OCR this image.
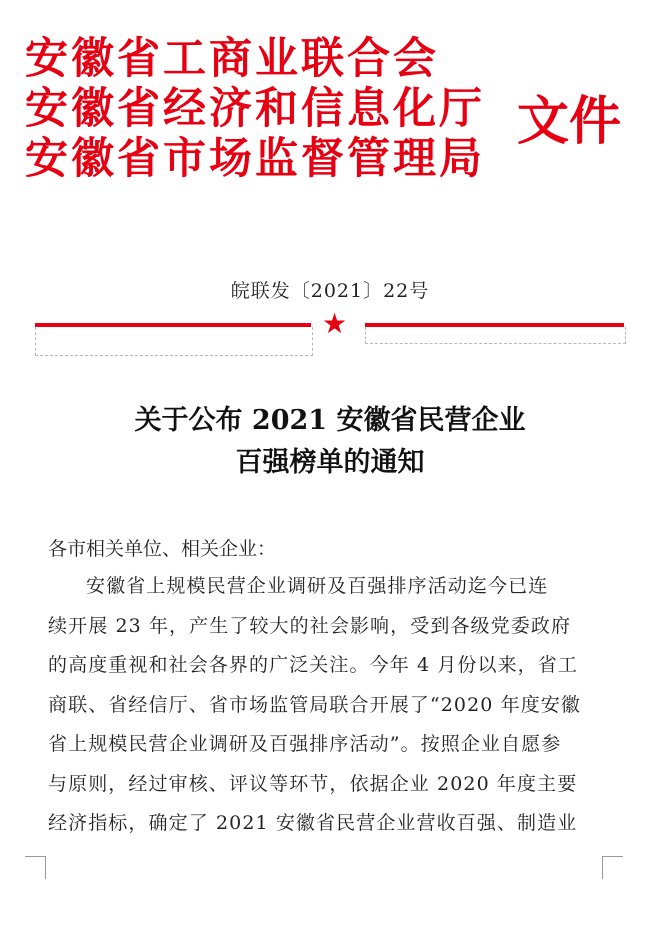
安徽省工商业联合会
安徽省经济和信息化厅
安徽省市场监督管理局
文件
皖联发〔2021〕22号
★
关于公布 2021 安徽省民营企业
百强榜单的通知
各市相关单位、相关企业：
安徽省上规模民营企业调研及百强排序活动迄今已连
续开展 23 年，产生了较大的社会影响，受到各级党委政府
的高度重视和社会各界的广泛关注。今年 4 月份以来，省工
商联、省经信厅、省市场监管局联合开展了“2020 年度安徽
省上规模民营企业调研及百强排序活动”。按照企业自愿参
与原则，经过审核、评议等环节，依据企业 2020 年度主要
经济指标，确定了 2021 安徽省民营企业营收百强、制造业
